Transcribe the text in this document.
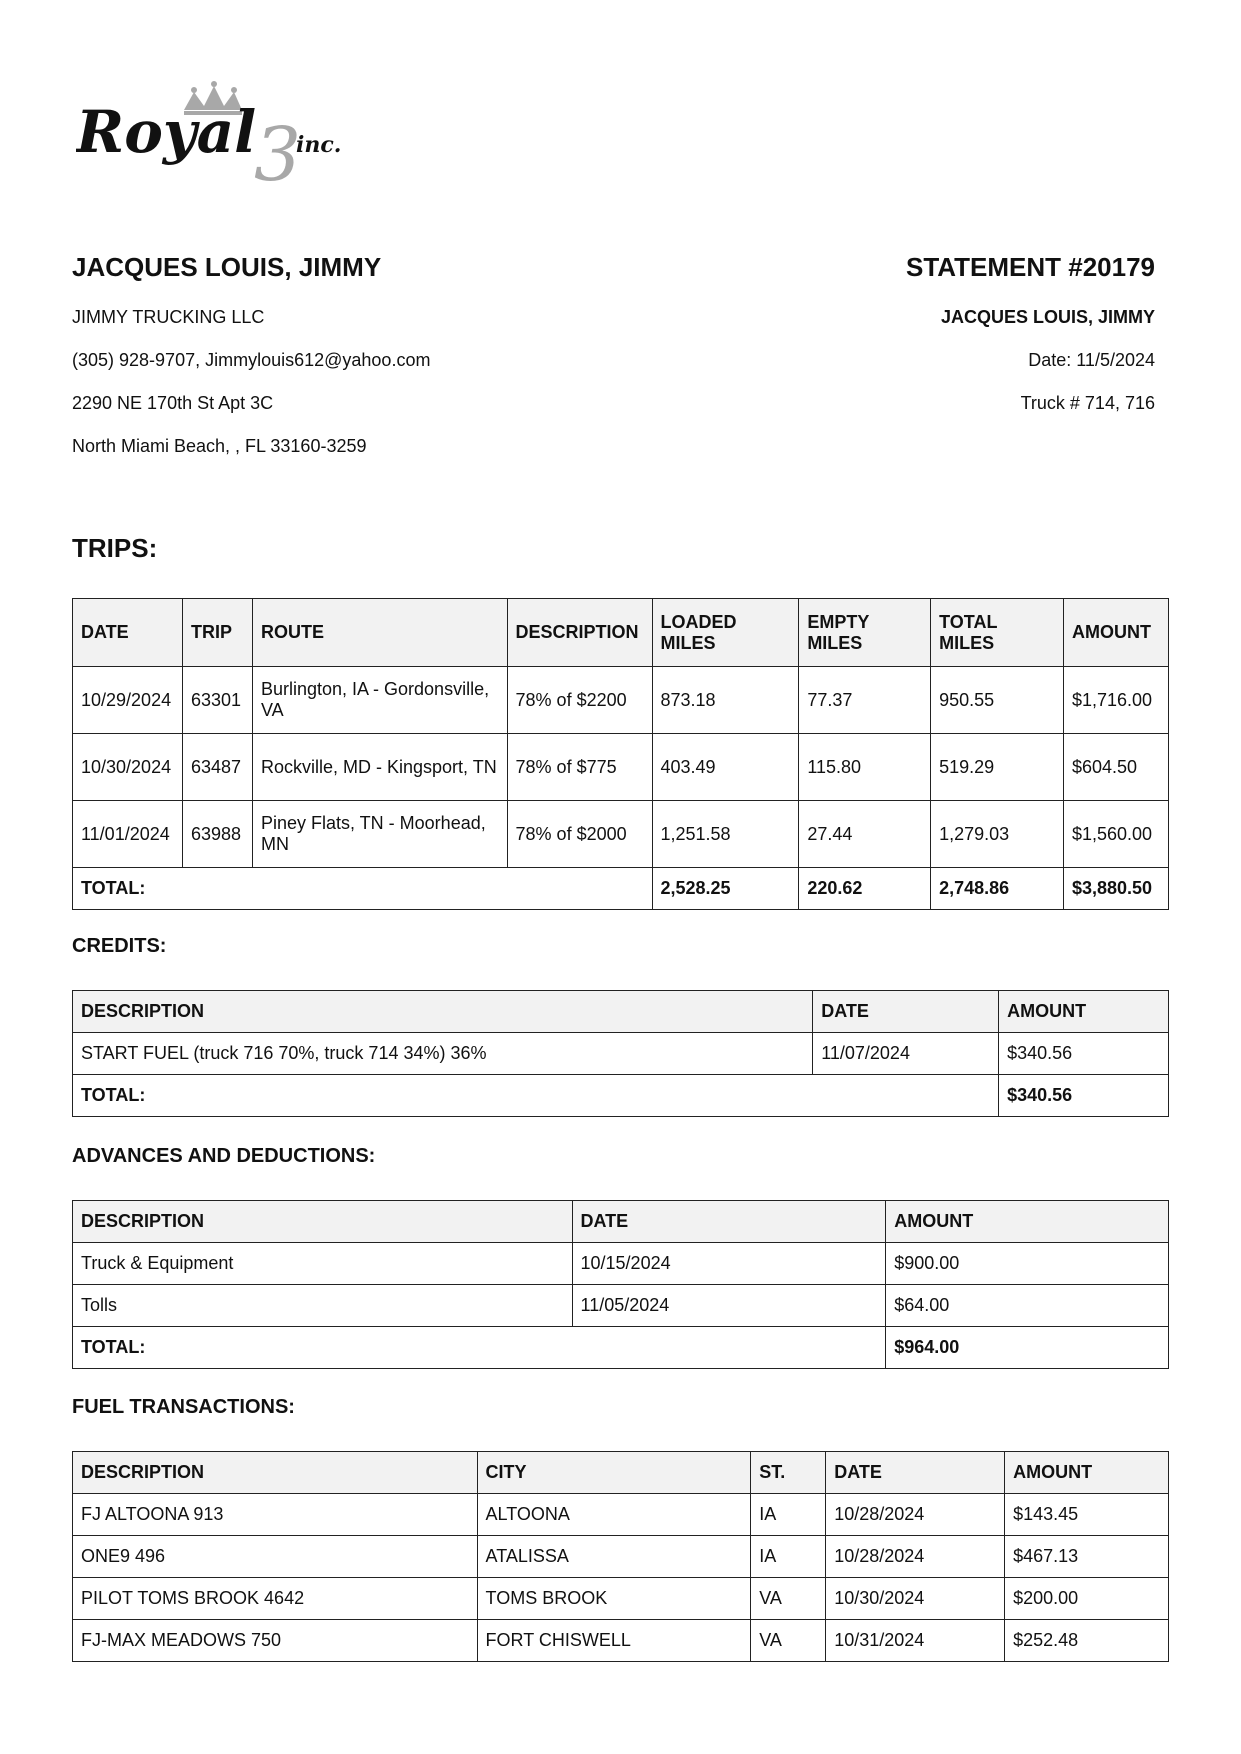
Royal
3
inc.
JACQUES LOUIS, JIMMY
JIMMY TRUCKING LLC
(305) 928-9707, Jimmylouis612@yahoo.com
2290 NE 170th St Apt 3C
North Miami Beach, , FL 33160-3259
STATEMENT #20179
JACQUES LOUIS, JIMMY
Date: 11/5/2024
Truck # 714, 716
TRIPS:
DATE	TRIP	ROUTE	DESCRIPTION	LOADED MILES	EMPTY MILES	TOTAL MILES	AMOUNT
10/29/2024	63301	Burlington, IA - Gordonsville, VA	78% of $2200	873.18	77.37	950.55	$1,716.00
10/30/2024	63487	Rockville, MD - Kingsport, TN	78% of $775	403.49	115.80	519.29	$604.50
11/01/2024	63988	Piney Flats, TN - Moorhead, MN	78% of $2000	1,251.58	27.44	1,279.03	$1,560.00
TOTAL:				2,528.25	220.62	2,748.86	$3,880.50
CREDITS:
DESCRIPTION	DATE	AMOUNT
START FUEL (truck 716 70%, truck 714 34%) 36%	11/07/2024	$340.56
TOTAL:		$340.56
ADVANCES AND DEDUCTIONS:
DESCRIPTION	DATE	AMOUNT
Truck & Equipment	10/15/2024	$900.00
Tolls	11/05/2024	$64.00
TOTAL:		$964.00
FUEL TRANSACTIONS:
DESCRIPTION	CITY	ST.	DATE	AMOUNT
FJ ALTOONA 913	ALTOONA	IA	10/28/2024	$143.45
ONE9 496	ATALISSA	IA	10/28/2024	$467.13
PILOT TOMS BROOK 4642	TOMS BROOK	VA	10/30/2024	$200.00
FJ-MAX MEADOWS 750	FORT CHISWELL	VA	10/31/2024	$252.48
